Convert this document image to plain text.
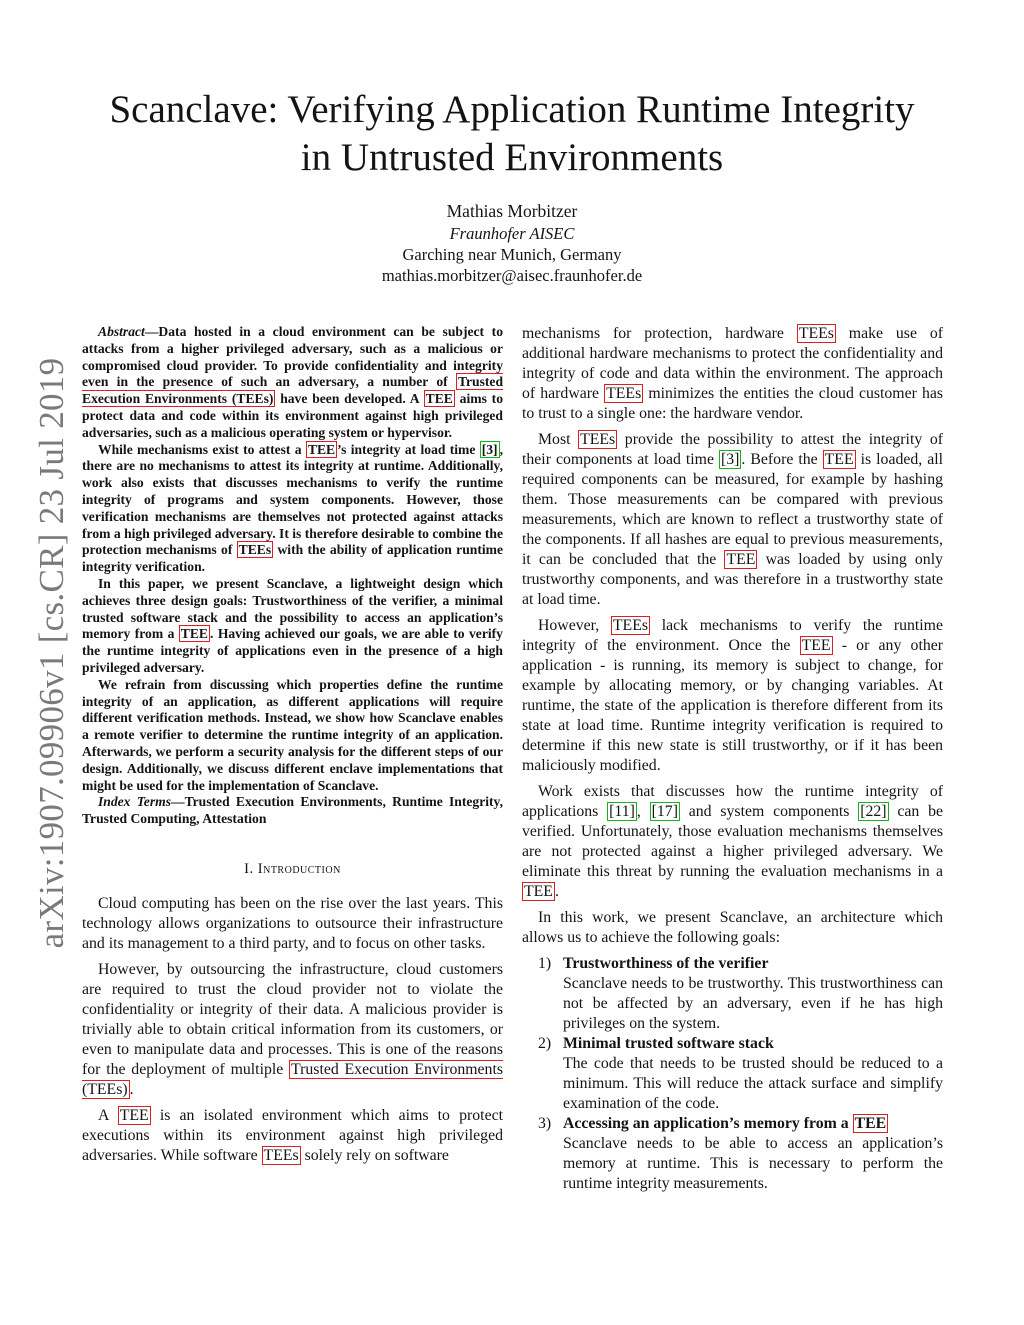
Scanclave: Verifying Application Runtime Integrity
in Untrusted Environments
Mathias Morbitzer
Fraunhofer AISEC
Garching near Munich, Germany
mathias.morbitzer@aisec.fraunhofer.de
arXiv:1907.09906v1 [cs.CR] 23 Jul 2019

Abstract—Data hosted in a cloud environment can be subject to attacks from a higher privileged adversary, such as a malicious or compromised cloud provider. To provide confidentiality and integrity even in the presence of such an adversary, a number of Trusted Execution Environments (TEEs) have been developed. A TEE aims to protect data and code within its environment against high privileged adversaries, such as a malicious operating system or hypervisor.

While mechanisms exist to attest a TEE ’s integrity at load time [3] , there are no mechanisms to attest its integrity at runtime. Additionally, work also exists that discusses mechanisms to verify the runtime integrity of programs and system components. However, those verification mechanisms are themselves not protected against attacks from a high privileged adversary. It is therefore desirable to combine the protection mechanisms of TEEs with the ability of application runtime integrity verification.

In this paper, we present Scanclave, a lightweight design which achieves three design goals: Trustworthiness of the verifier, a minimal trusted software stack and the possibility to access an application’s memory from a TEE . Having achieved our goals, we are able to verify the runtime integrity of applications even in the presence of a high privileged adversary.

We refrain from discussing which properties define the runtime integrity of an application, as different applications will require different verification methods. Instead, we show how Scanclave enables a remote verifier to determine the runtime integrity of an application. Afterwards, we perform a security analysis for the different steps of our design. Additionally, we discuss different enclave implementations that might be used for the implementation of Scanclave.

Index Terms—Trusted Execution Environments, Runtime Integrity, Trusted Computing, Attestation

I. Introduction

Cloud computing has been on the rise over the last years. This technology allows organizations to outsource their infrastructure and its management to a third party, and to focus on other tasks.

However, by outsourcing the infrastructure, cloud customers are required to trust the cloud provider not to violate the confidentiality or integrity of their data. A malicious provider is trivially able to obtain critical information from its customers, or even to manipulate data and processes. This is one of the reasons for the deployment of multiple Trusted Execution Environments (TEEs) .

A TEE is an isolated environment which aims to protect executions within its environment against high privileged adversaries. While software TEEs solely rely on software

mechanisms for protection, hardware TEEs make use of additional hardware mechanisms to protect the confidentiality and integrity of code and data within the environment. The approach of hardware TEEs minimizes the entities the cloud customer has to trust to a single one: the hardware vendor.

Most TEEs provide the possibility to attest the integrity of their components at load time [3] . Before the TEE is loaded, all required components can be measured, for example by hashing them. Those measurements can be compared with previous measurements, which are known to reflect a trustworthy state of the components. If all hashes are equal to previous measurements, it can be concluded that the TEE was loaded by using only trustworthy components, and was therefore in a trustworthy state at load time.

However, TEEs lack mechanisms to verify the runtime integrity of the environment. Once the TEE - or any other application - is running, its memory is subject to change, for example by allocating memory, or by changing variables. At runtime, the state of the application is therefore different from its state at load time. Runtime integrity verification is required to determine if this new state is still trustworthy, or if it has been maliciously modified.

Work exists that discusses how the runtime integrity of applications [11] , [17] and system components [22] can be verified. Unfortunately, those evaluation mechanisms themselves are not protected against a higher privileged adversary. We eliminate this threat by running the evaluation mechanisms in a TEE .

In this work, we present Scanclave, an architecture which allows us to achieve the following goals:

1) Trustworthiness of the verifier
Scanclave needs to be trustworthy. This trustworthiness can not be affected by an adversary, even if he has high privileges on the system.
2) Minimal trusted software stack
The code that needs to be trusted should be reduced to a minimum. This will reduce the attack surface and simplify examination of the code.
3) Accessing an application’s memory from a TEE
Scanclave needs to be able to access an application’s memory at runtime. This is necessary to perform the runtime integrity measurements.
